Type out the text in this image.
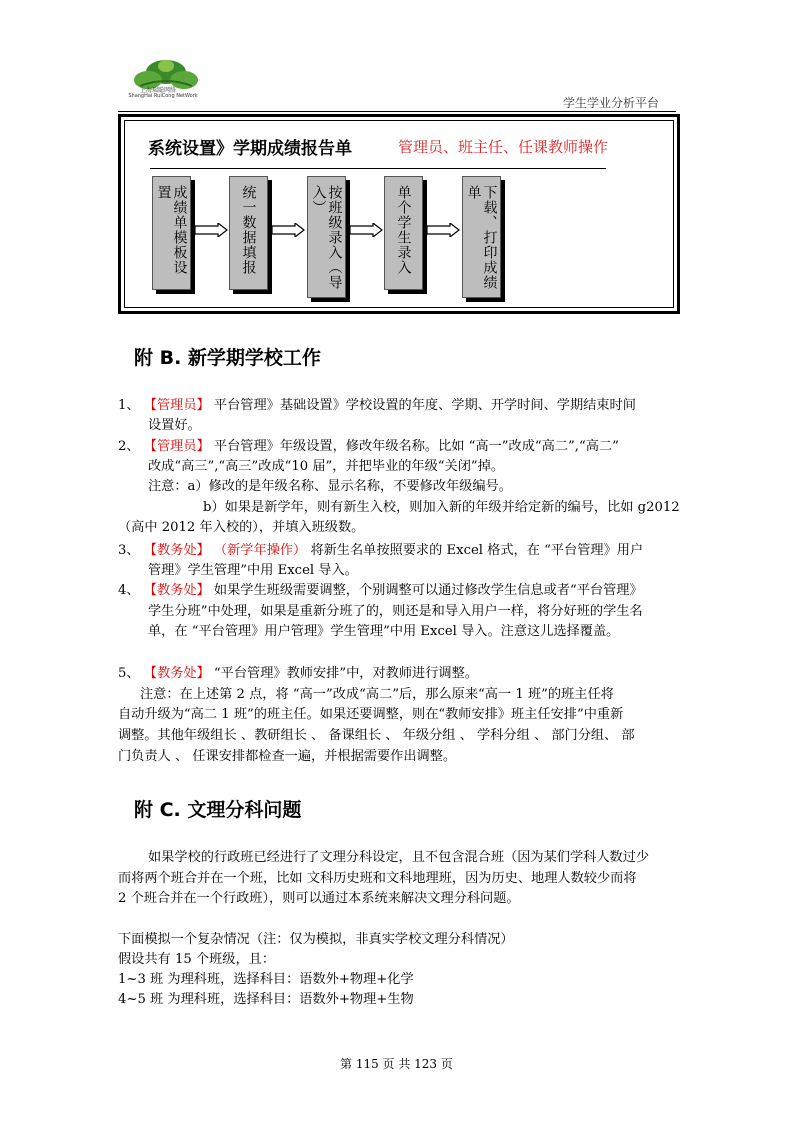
上海瑞聪网络
ShangHai RuiCong NetWork	学生学业分析平台
系统设置》学期成绩报告单	管理员、班主任、任课教师操作
成绩单模板设置	统一数据填报	按班级录入（导入）	单个学生录入	下载、打印成绩单
附 B. 新学期学校工作
1、 【管理员】 平台管理》基础设置》学校设置的年度、学期、开学时间、学期结束时间
设置好。
2、 【管理员】 平台管理》年级设置，修改年级名称。比如 “高一”改成“高二”,“高二”
改成“高三”,“高三”改成“10 届”，并把毕业的年级“关闭”掉。
注意：a）修改的是年级名称、显示名称，不要修改年级编号。
b）如果是新学年，则有新生入校，则加入新的年级并给定新的编号，比如 g2012
（高中 2012 年入校的），并填入班级数。
3、 【教务处】 （新学年操作） 将新生名单按照要求的 Excel 格式，在 “平台管理》用户
管理》学生管理”中用 Excel 导入。
4、 【教务处】 如果学生班级需要调整，个别调整可以通过修改学生信息或者“平台管理》
学生分班”中处理，如果是重新分班了的，则还是和导入用户一样，将分好班的学生名
单，在 “平台管理》用户管理》学生管理”中用 Excel 导入。注意这儿选择覆盖。
5、 【教务处】 “平台管理》教师安排”中，对教师进行调整。
注意：在上述第 2 点，将 “高一”改成“高二”后，那么原来“高一 1 班”的班主任将
自动升级为“高二 1 班”的班主任。如果还要调整，则在“教师安排》班主任安排”中重新
调整。其他年级组长 、教研组长 、 备课组长 、 年级分组 、 学科分组 、 部门分组、 部
门负责人 、 任课安排都检查一遍，并根据需要作出调整。
附 C. 文理分科问题
如果学校的行政班已经进行了文理分科设定，且不包含混合班（因为某们学科人数过少
而将两个班合并在一个班，比如 文科历史班和文科地理班，因为历史、地理人数较少而将
2 个班合并在一个行政班），则可以通过本系统来解决文理分科问题。
下面模拟一个复杂情况（注：仅为模拟，非真实学校文理分科情况）
假设共有 15 个班级，且：
1~3 班 为理科班，选择科目：语数外+物理+化学
4~5 班 为理科班，选择科目：语数外+物理+生物
第 115 页 共 123 页
